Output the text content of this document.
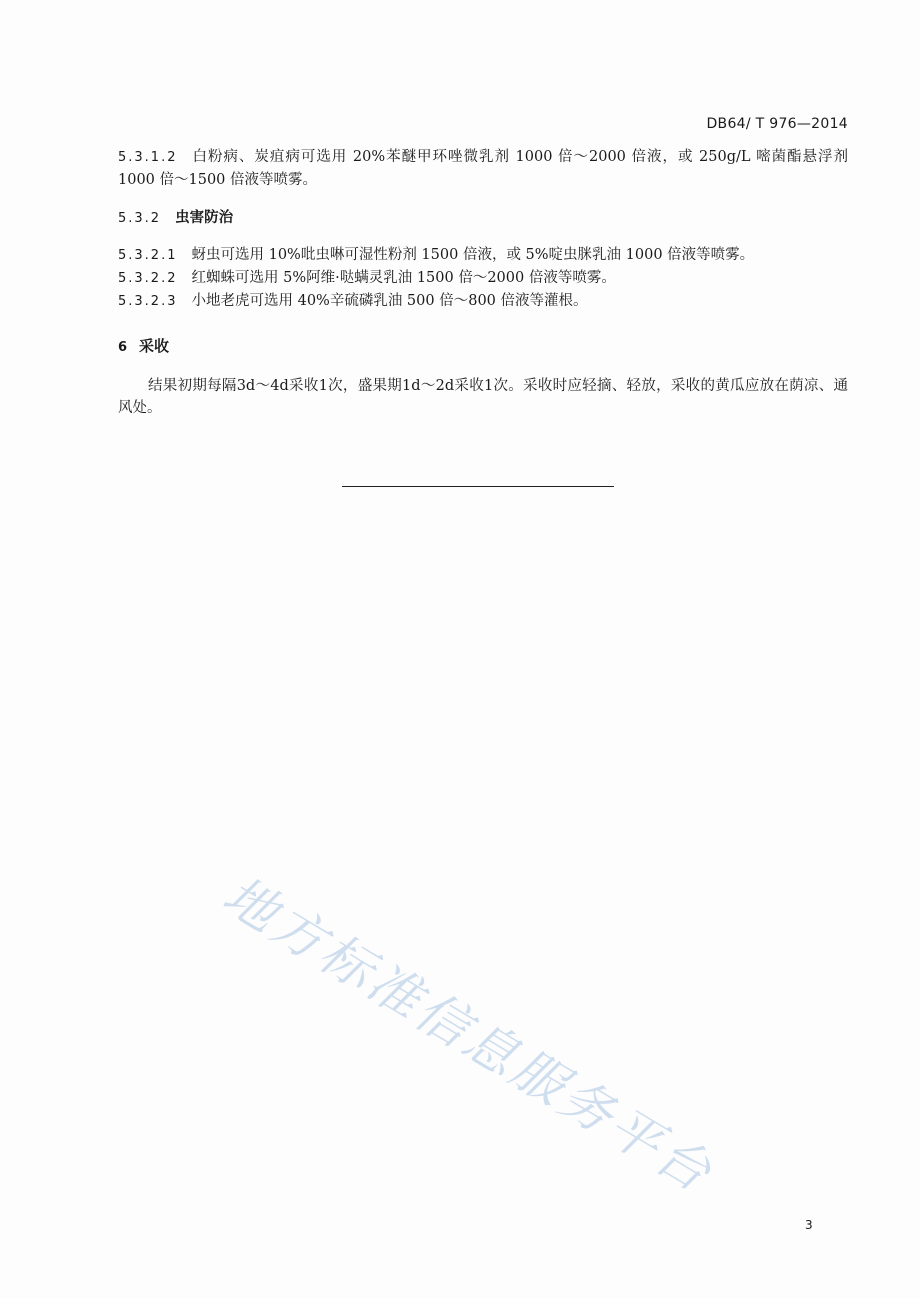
DB64/ T 976—2014

5.3.1.2 白粉病、炭疽病可选用 20%苯醚甲环唑微乳剂 1000 倍～2000 倍液，或 250g/L 嘧菌酯悬浮剂 1000 倍～1500 倍液等喷雾。

5.3.2 虫害防治

5.3.2.1 蚜虫可选用 10%吡虫啉可湿性粉剂 1500 倍液，或 5%啶虫脒乳油 1000 倍液等喷雾。

5.3.2.2 红蜘蛛可选用 5%阿维·哒螨灵乳油 1500 倍～2000 倍液等喷雾。

5.3.2.3 小地老虎可选用 40%辛硫磷乳油 500 倍～800 倍液等灌根。

6 采收

结果初期每隔3d～4d采收1次，盛果期1d～2d采收1次。采收时应轻摘、轻放，采收的黄瓜应放在荫凉、通风处。

地方标准信息服务平台
3
